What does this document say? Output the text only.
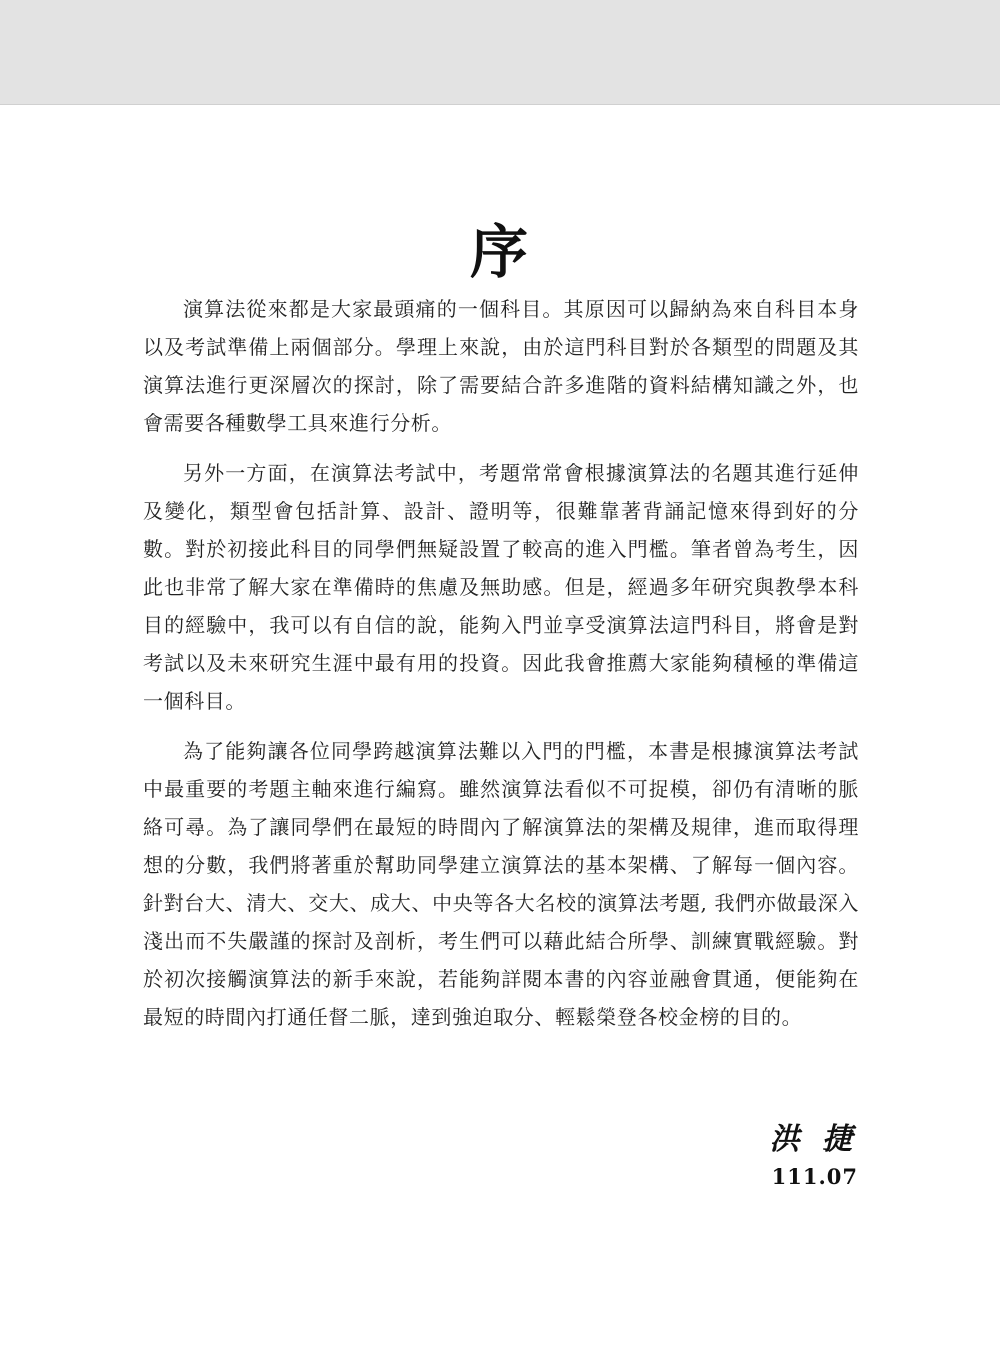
序

演算法從來都是大家最頭痛的一個科目。其原因可以歸納為來自科目本身以及考試準備上兩個部分。學理上來說，由於這門科目對於各類型的問題及其演算法進行更深層次的探討，除了需要結合許多進階的資料結構知識之外，也會需要各種數學工具來進行分析。

另外一方面，在演算法考試中，考題常常會根據演算法的名題其進行延伸及變化，類型會包括計算、設計、證明等，很難靠著背誦記憶來得到好的分數。對於初接此科目的同學們無疑設置了較高的進入門檻。筆者曾為考生，因此也非常了解大家在準備時的焦慮及無助感。但是，經過多年研究與教學本科目的經驗中，我可以有自信的說，能夠入門並享受演算法這門科目，將會是對考試以及未來研究生涯中最有用的投資。因此我會推薦大家能夠積極的準備這一個科目。

為了能夠讓各位同學跨越演算法難以入門的門檻，本書是根據演算法考試中最重要的考題主軸來進行編寫。雖然演算法看似不可捉模，卻仍有清晰的脈絡可尋。為了讓同學們在最短的時間內了解演算法的架構及規律，進而取得理想的分數，我們將著重於幫助同學建立演算法的基本架構、了解每一個內容。針對台大、清大、交大、成大、中央等各大名校的演算法考題, 我們亦做最深入淺出而不失嚴謹的探討及剖析，考生們可以藉此結合所學、訓練實戰經驗。對於初次接觸演算法的新手來說，若能夠詳閱本書的內容並融會貫通，便能夠在最短的時間內打通任督二脈，達到強迫取分、輕鬆榮登各校金榜的目的。

洪 捷
111.07
